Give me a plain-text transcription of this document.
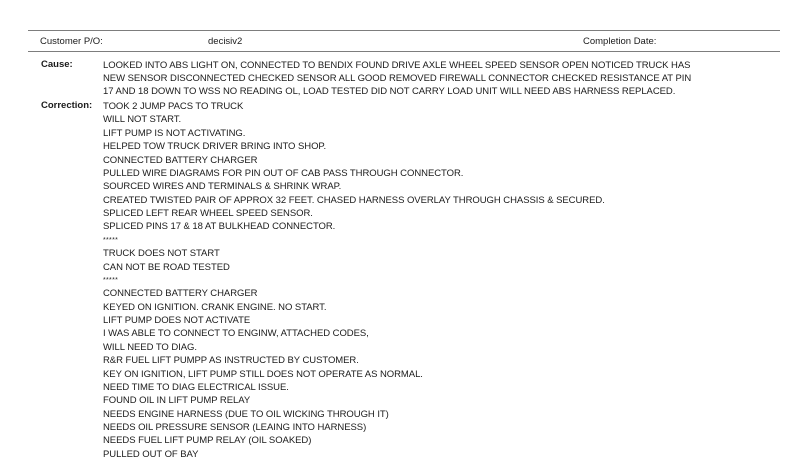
Customer P/O:	decisiv2	Completion Date:
Cause:	LOOKED INTO ABS LIGHT ON, CONNECTED TO BENDIX FOUND DRIVE AXLE WHEEL SPEED SENSOR OPEN NOTICED TRUCK HAS
NEW SENSOR DISCONNECTED CHECKED SENSOR ALL GOOD REMOVED FIREWALL CONNECTOR CHECKED RESISTANCE AT PIN
17 AND 18 DOWN TO WSS NO READING OL, LOAD TESTED DID NOT CARRY LOAD UNIT WILL NEED ABS HARNESS REPLACED.
Correction: TOOK 2 JUMP PACS TO TRUCK
WILL NOT START.
LIFT PUMP IS NOT ACTIVATING.
HELPED TOW TRUCK DRIVER BRING INTO SHOP.
CONNECTED BATTERY CHARGER
PULLED WIRE DIAGRAMS FOR PIN OUT OF CAB PASS THROUGH CONNECTOR.
SOURCED WIRES AND TERMINALS & SHRINK WRAP.
CREATED TWISTED PAIR OF APPROX 32 FEET. CHASED HARNESS OVERLAY THROUGH CHASSIS & SECURED.
SPLICED LEFT REAR WHEEL SPEED SENSOR.
SPLICED PINS 17 & 18 AT BULKHEAD CONNECTOR.
*****
TRUCK DOES NOT START
CAN NOT BE ROAD TESTED
*****
CONNECTED BATTERY CHARGER
KEYED ON IGNITION. CRANK ENGINE. NO START.
LIFT PUMP DOES NOT ACTIVATE
I WAS ABLE TO CONNECT TO ENGINW, ATTACHED CODES,
WILL NEED TO DIAG.
R&R FUEL LIFT PUMPP AS INSTRUCTED BY CUSTOMER.
KEY ON IGNITION, LIFT PUMP STILL DOES NOT OPERATE AS NORMAL.
NEED TIME TO DIAG ELECTRICAL ISSUE.
FOUND OIL IN LIFT PUMP RELAY
NEEDS ENGINE HARNESS (DUE TO OIL WICKING THROUGH IT)
NEEDS OIL PRESSURE SENSOR (LEAING INTO HARNESS)
NEEDS FUEL LIFT PUMP RELAY (OIL SOAKED)
PULLED OUT OF BAY
